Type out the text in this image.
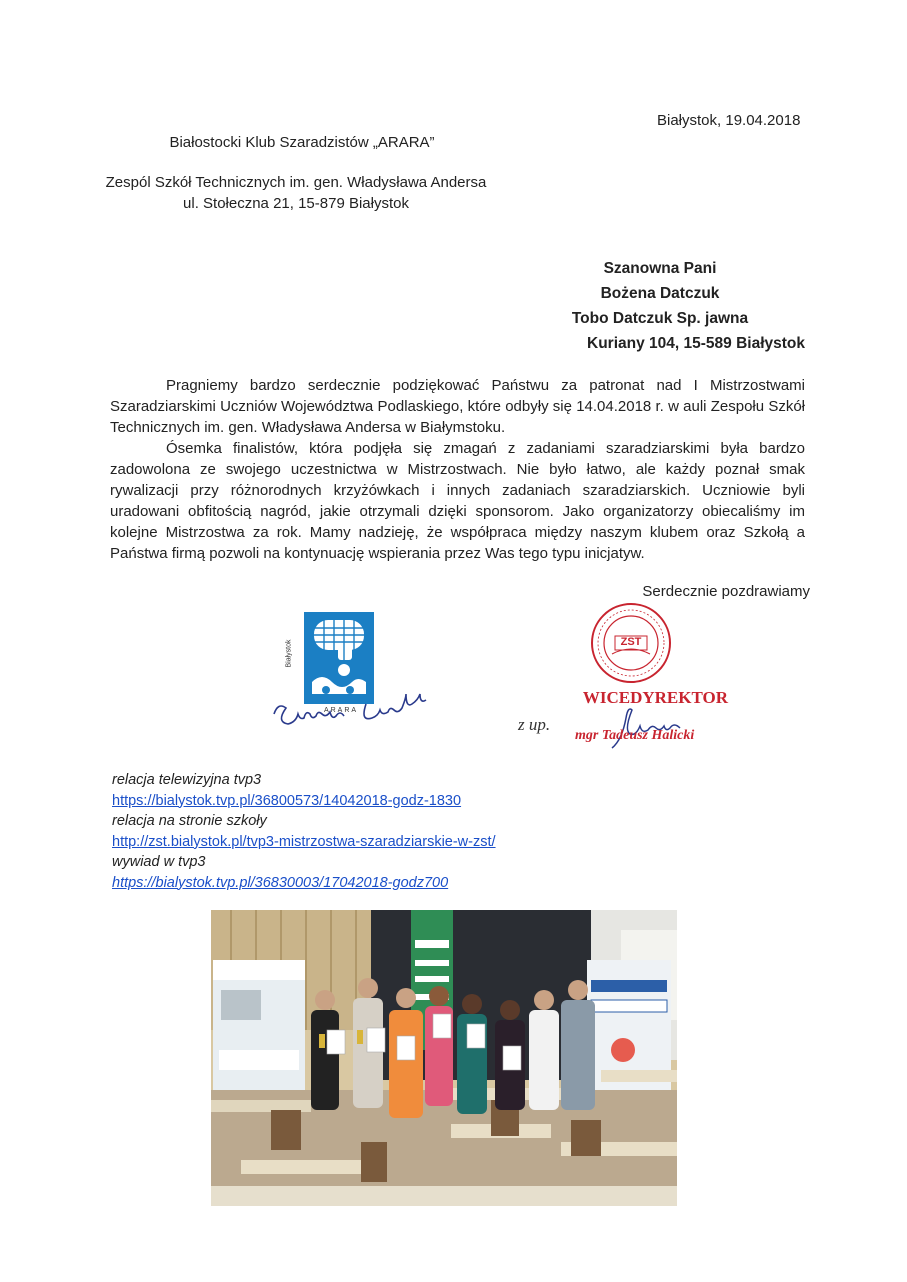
Białystok, 19.04.2018
Białostocki Klub Szaradzistów „ARARA”
Zespól Szkół Technicznych im. gen. Władysława Andersa
ul. Stołeczna 21, 15-879 Białystok
Szanowna Pani
Bożena Datczuk
Tobo Datczuk Sp. jawna
Kuriany 104, 15-589 Białystok

Pragniemy bardzo serdecznie podziękować Państwu za patronat nad I Mistrzostwami Szaradziarskimi Uczniów Województwa Podlaskiego, które odbyły się 14.04.2018 r. w auli Zespołu Szkół Technicznych im. gen. Władysława Andersa w Białymstoku.

Ósemka finalistów, która podjęła się zmagań z zadaniami szaradziarskimi była bardzo zadowolona ze swojego uczestnictwa w Mistrzostwach. Nie było łatwo, ale każdy poznał smak rywalizacji przy różnorodnych krzyżówkach i innych zadaniach szaradziarskich. Uczniowie byli uradowani obfitością nagród, jakie otrzymali dzięki sponsorom. Jako organizatorzy obiecaliśmy im kolejne Mistrzostwa za rok. Mamy nadzieję, że współpraca między naszym klubem oraz Szkołą a Państwa firmą pozwoli na kontynuację wspierania przez Was tego typu inicjatyw.

Serdecznie pozdrawiamy
ARARA
Białystok	ZST
z up.
WICEDYREKTOR
mgr Tadeusz Halicki
relacja telewizyjna tvp3
https://bialystok.tvp.pl/36800573/14042018-godz-1830
relacja na stronie szkoły
http://zst.bialystok.pl/tvp3-mistrzostwa-szaradziarskie-w-zst/
wywiad w tvp3
https://bialystok.tvp.pl/36830003/17042018-godz700
